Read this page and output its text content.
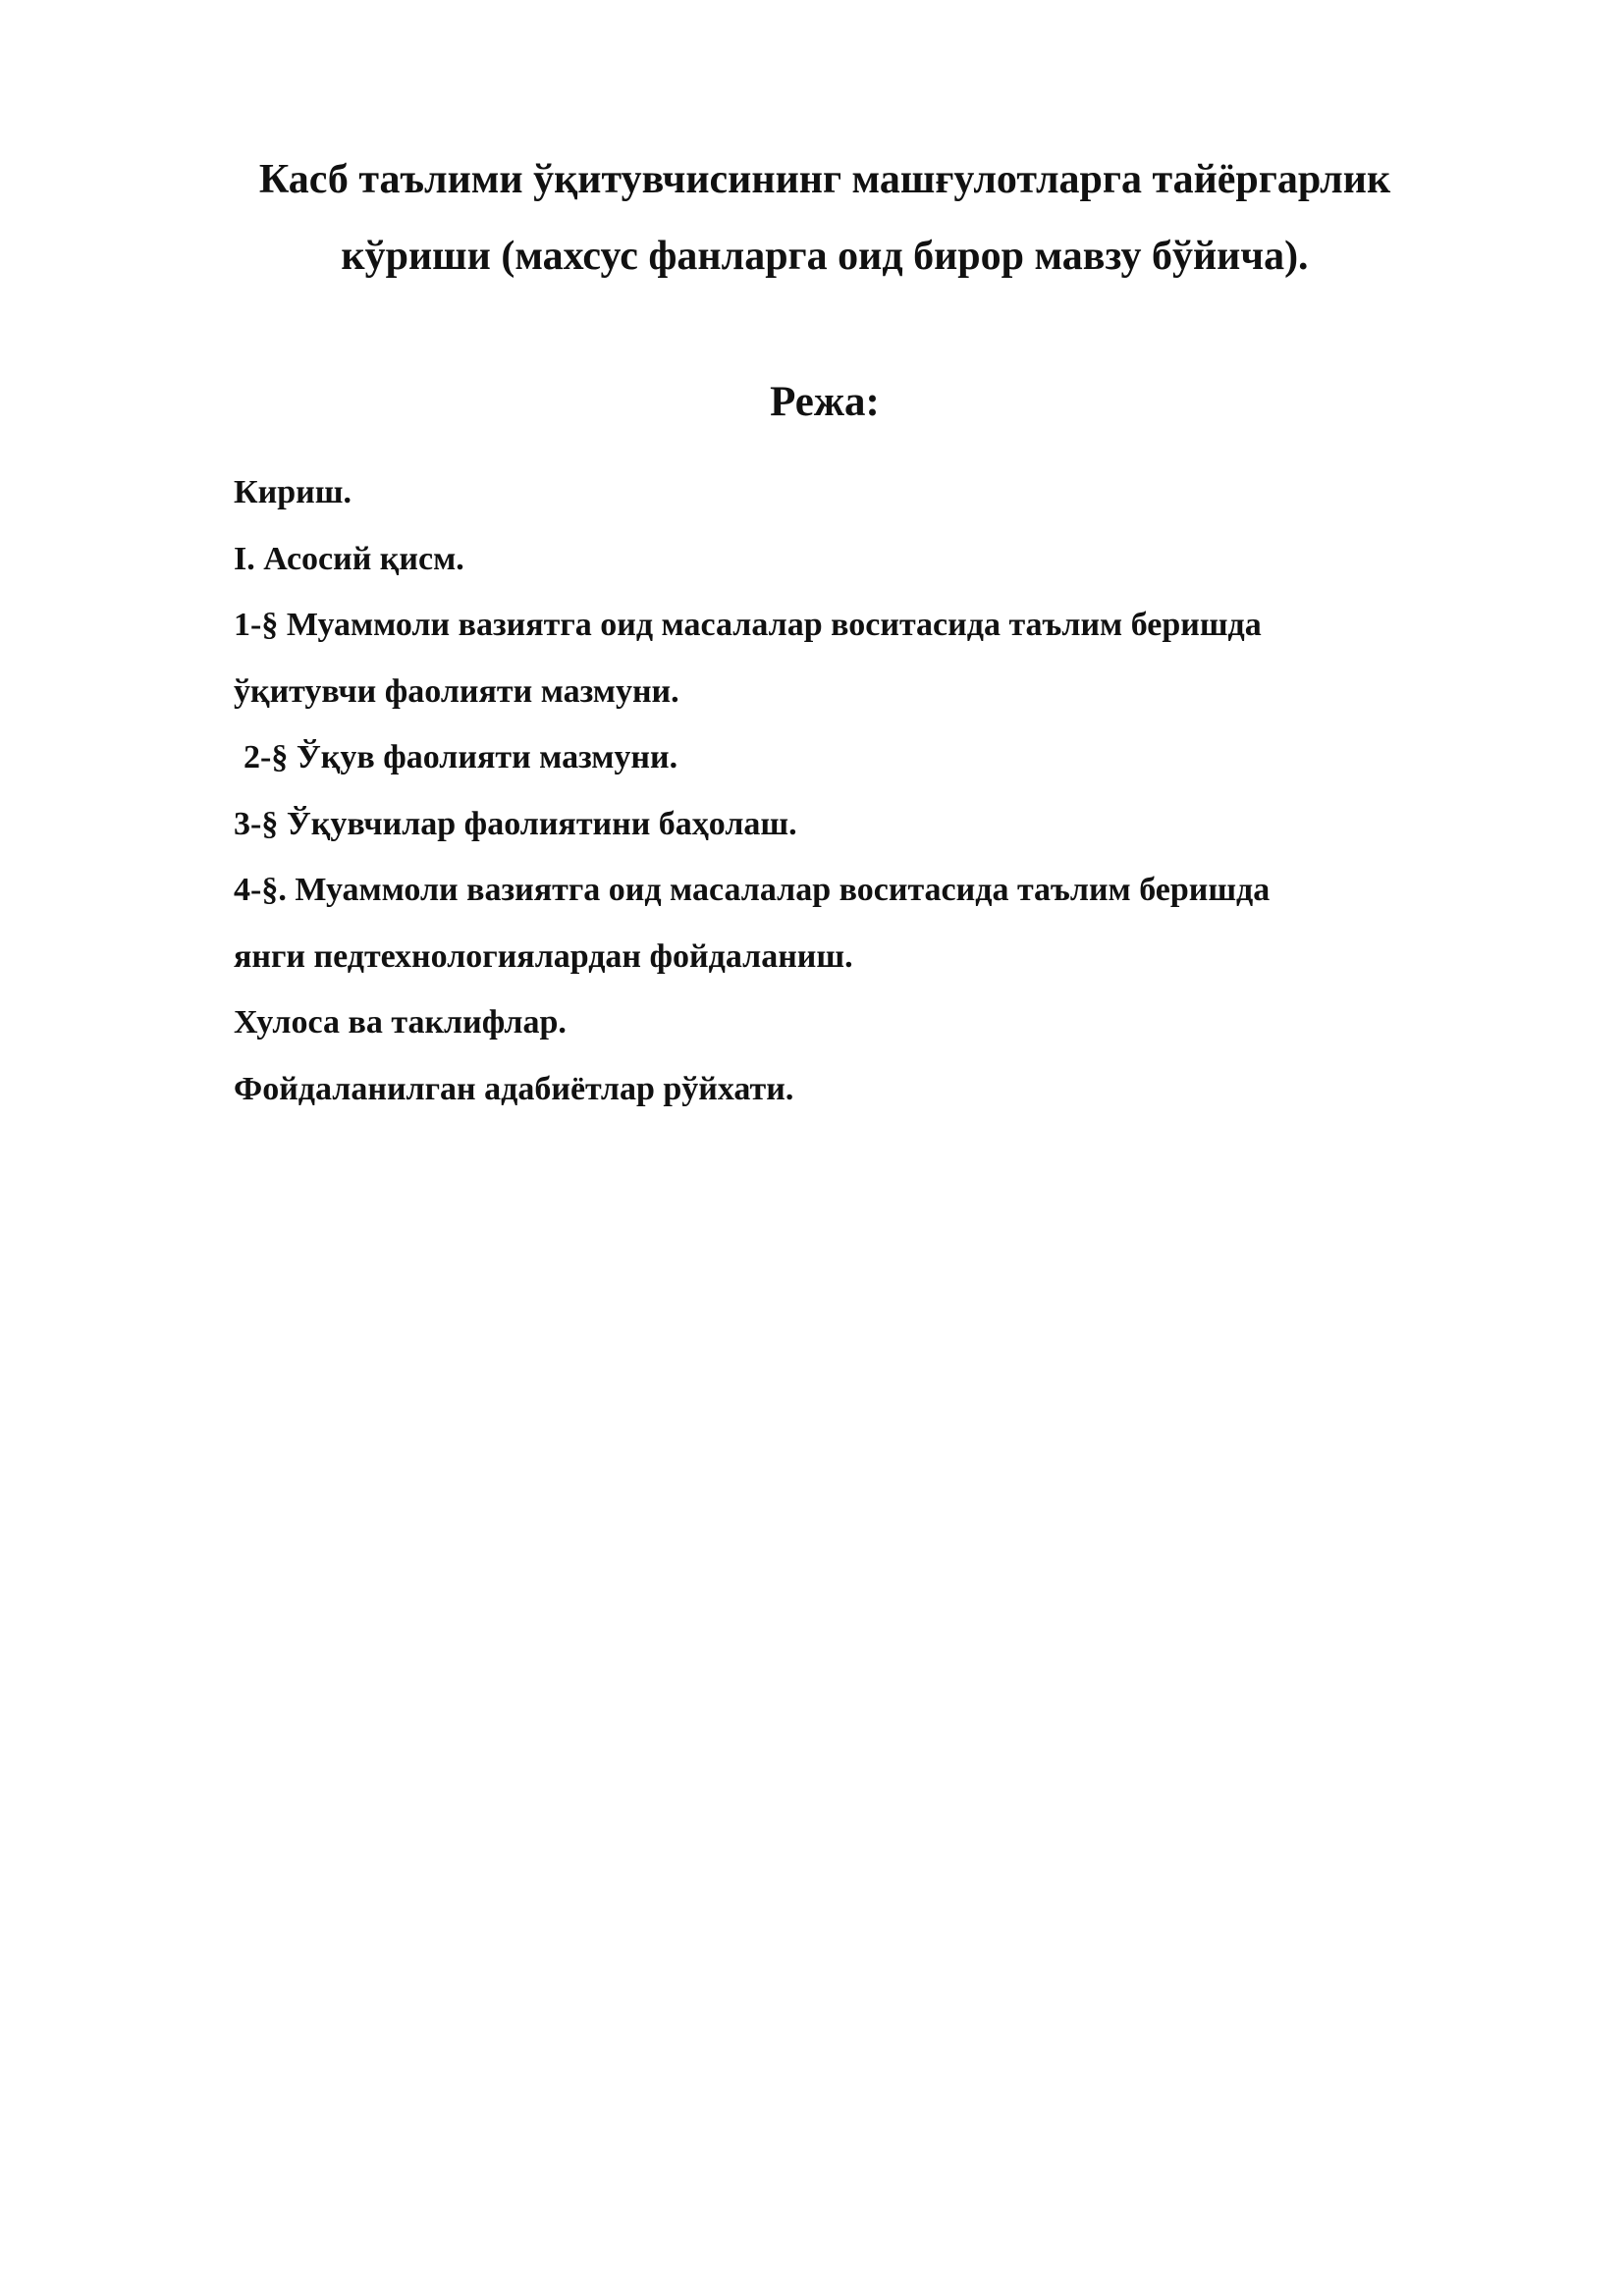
Касб таълими ўқитувчисининг машғулотларга тайёргарлик
кўриши (махсус фанларга оид бирор мавзу бўйича).
Режа:
Кириш.
I. Асосий қисм.
1-§ Муаммоли вазиятга оид масалалар воситасида таълим беришда
ўқитувчи фаолияти мазмуни.
2-§ Ўқув фаолияти мазмуни.
3-§ Ўқувчилар фаолиятини баҳолаш.
4-§. Муаммоли вазиятга оид масалалар воситасида таълим беришда
янги педтехнологиялардан фойдаланиш.
Хулоса ва таклифлар.
Фойдаланилган адабиётлар рўйхати.
